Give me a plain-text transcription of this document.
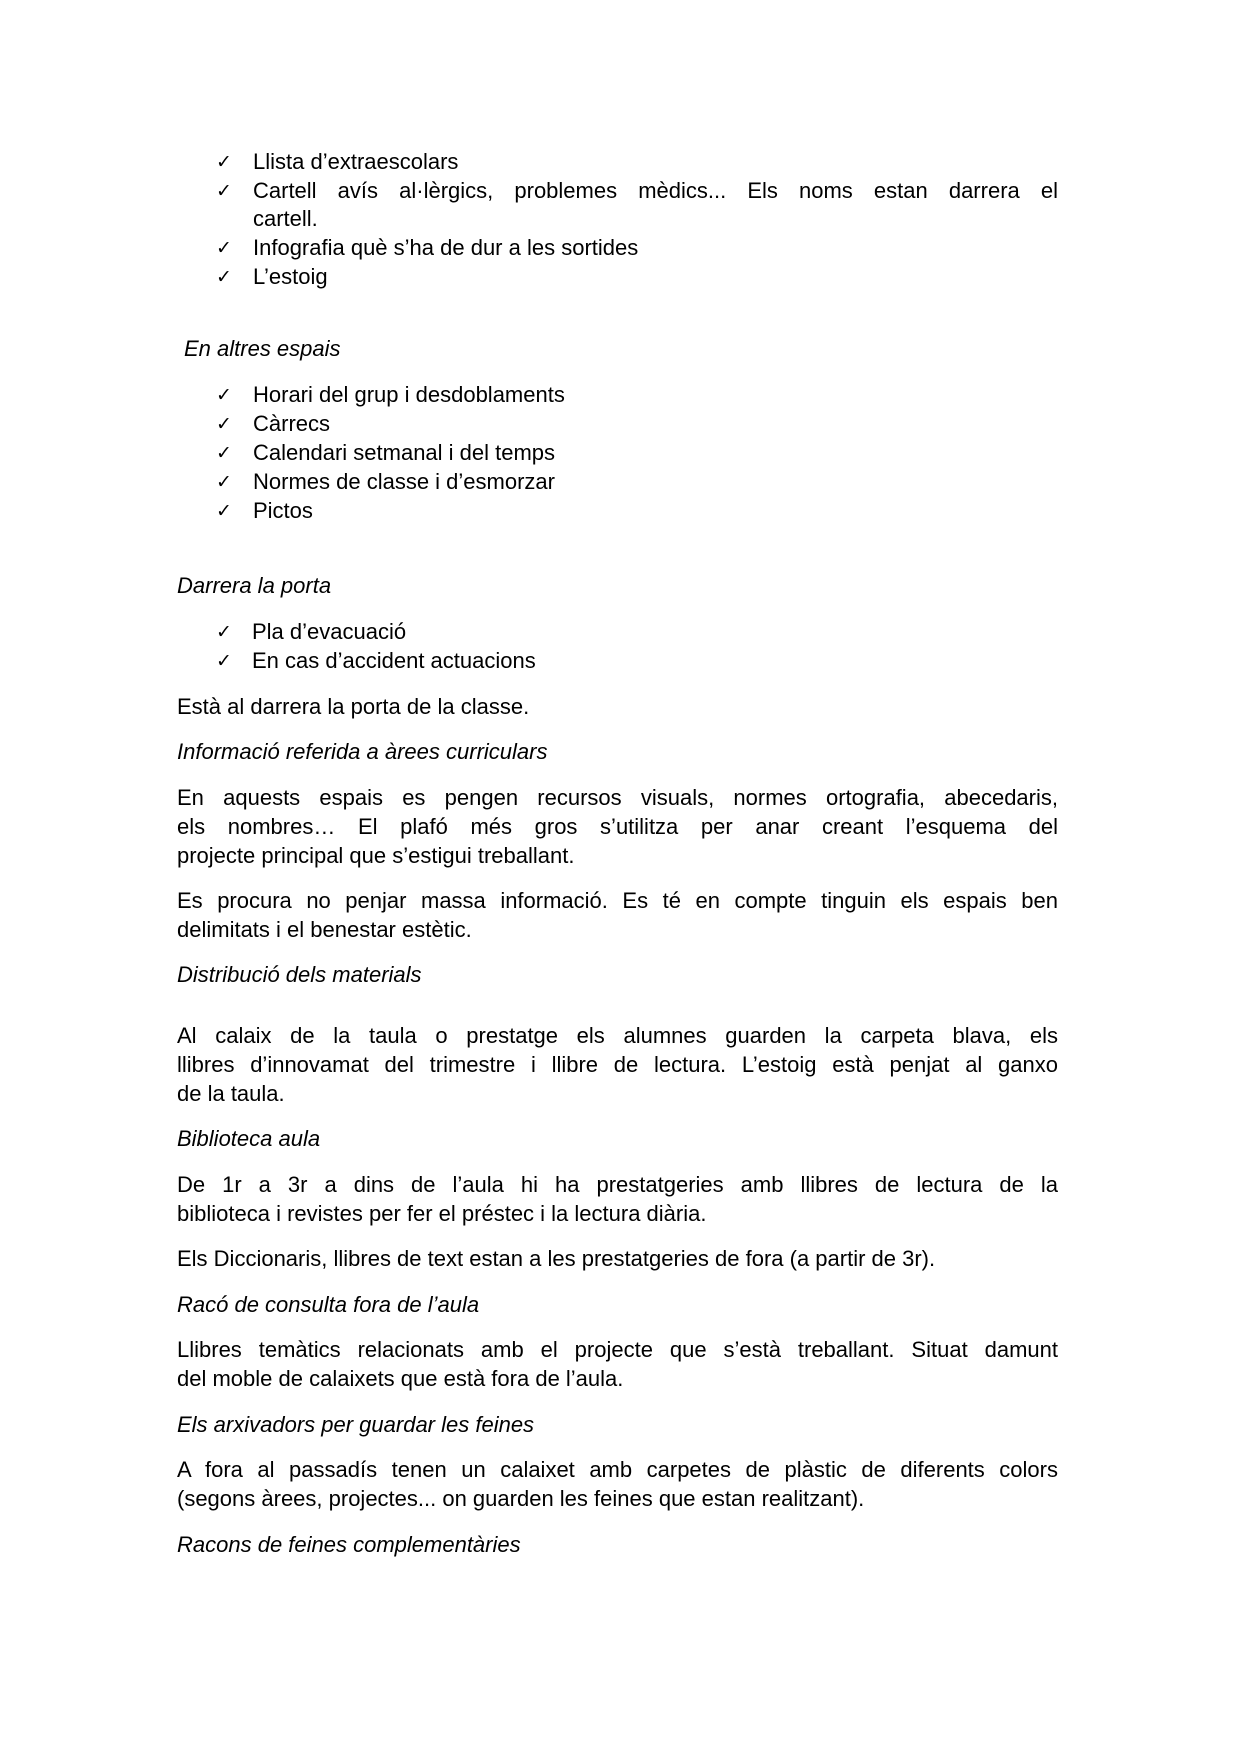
✓ Llista d’extraescolars
✓ Cartell avís al·lèrgics, problemes mèdics... Els noms estan darrera el
cartell.
✓ Infografia què s’ha de dur a les sortides
✓ L’estoig
En altres espais
✓ Horari del grup i desdoblaments
✓ Càrrecs
✓ Calendari setmanal i del temps
✓ Normes de classe i d’esmorzar
✓ Pictos
Darrera la porta
✓ Pla d’evacuació
✓ En cas d’accident actuacions
Està al darrera la porta de la classe.
Informació referida a àrees curriculars
En aquests espais es pengen recursos visuals, normes ortografia, abecedaris,
els nombres… El plafó més gros s’utilitza per anar creant l’esquema del
projecte principal que s’estigui treballant.
Es procura no penjar massa informació. Es té en compte tinguin els espais ben
delimitats i el benestar estètic.
Distribució dels materials
Al calaix de la taula o prestatge els alumnes guarden la carpeta blava, els
llibres d’innovamat del trimestre i llibre de lectura. L’estoig està penjat al ganxo
de la taula.
Biblioteca aula
De 1r a 3r a dins de l’aula hi ha prestatgeries amb llibres de lectura de la
biblioteca i revistes per fer el préstec i la lectura diària.
Els Diccionaris, llibres de text estan a les prestatgeries de fora (a partir de 3r).
Racó de consulta fora de l’aula
Llibres temàtics relacionats amb el projecte que s’està treballant. Situat damunt
del moble de calaixets que està fora de l’aula.
Els arxivadors per guardar les feines
A fora al passadís tenen un calaixet amb carpetes de plàstic de diferents colors
(segons àrees, projectes... on guarden les feines que estan realitzant).
Racons de feines complementàries
